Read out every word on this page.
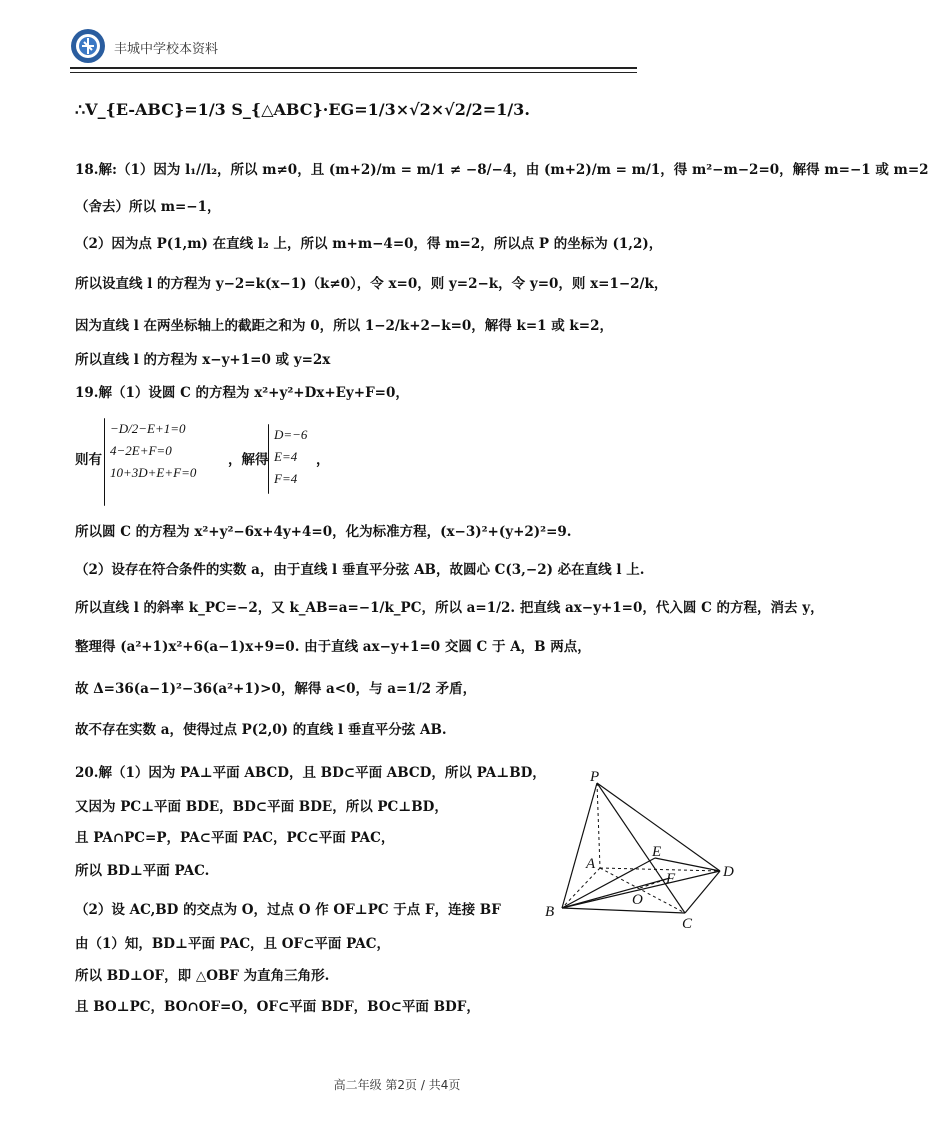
丰城中学校本资料
∴V_{E-ABC}=1/3 S_{△ABC}·EG=1/3×√2×√2/2=1/3.
18.解:（1）因为 l₁//l₂，所以 m≠0，且 (m+2)/m = m/1 ≠ −8/−4，由 (m+2)/m = m/1，得 m²−m−2=0，解得 m=−1 或 m=2
（舍去）所以 m=−1，
（2）因为点 P(1,m) 在直线 l₂ 上，所以 m+m−4=0，得 m=2，所以点 P 的坐标为 (1,2)，
所以设直线 l 的方程为 y−2=k(x−1)（k≠0），令 x=0，则 y=2−k，令 y=0，则 x=1−2/k，
因为直线 l 在两坐标轴上的截距之和为 0，所以 1−2/k+2−k=0，解得 k=1 或 k=2，
所以直线 l 的方程为 x−y+1=0 或 y=2x
19.解（1）设圆 C 的方程为 x²+y²+Dx+Ey+F=0，
则有
−D/2−E+1=0
4−2E+F=0
10+3D+E+F=0
，解得
D=−6
E=4
F=4
，
所以圆 C 的方程为 x²+y²−6x+4y+4=0，化为标准方程，(x−3)²+(y+2)²=9.
（2）设存在符合条件的实数 a，由于直线 l 垂直平分弦 AB，故圆心 C(3,−2) 必在直线 l 上.
所以直线 l 的斜率 k_PC=−2，又 k_AB=a=−1/k_PC，所以 a=1/2. 把直线 ax−y+1=0，代入圆 C 的方程，消去 y，
整理得 (a²+1)x²+6(a−1)x+9=0. 由于直线 ax−y+1=0 交圆 C 于 A，B 两点，
故 Δ=36(a−1)²−36(a²+1)>0，解得 a<0，与 a=1/2 矛盾，
故不存在实数 a，使得过点 P(2,0) 的直线 l 垂直平分弦 AB.
20.解（1）因为 PA⊥平面 ABCD，且 BD⊂平面 ABCD，所以 PA⊥BD，
又因为 PC⊥平面 BDE，BD⊂平面 BDE，所以 PC⊥BD，
且 PA∩PC=P，PA⊂平面 PAC，PC⊂平面 PAC，
所以 BD⊥平面 PAC.
（2）设 AC,BD 的交点为 O，过点 O 作 OF⊥PC 于点 F，连接 BF
由（1）知，BD⊥平面 PAC，且 OF⊂平面 PAC，
所以 BD⊥OF，即 △OBF 为直角三角形.
且 BO⊥PC，BO∩OF=O，OF⊂平面 BDF，BO⊂平面 BDF，
P
A
B
C
D
E
F
O
高二年级 第2页 / 共4页
